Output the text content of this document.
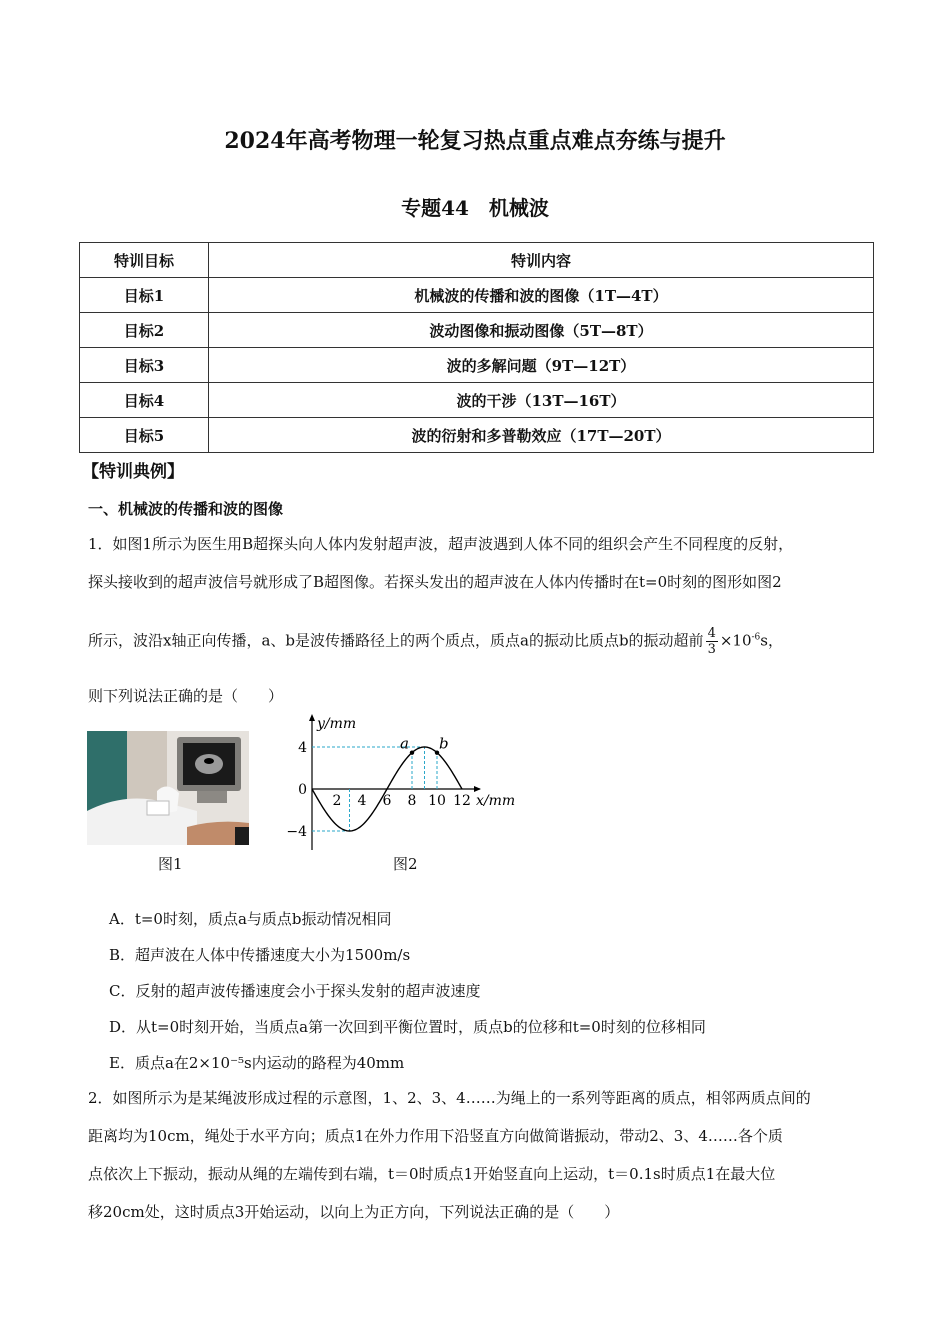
2024年高考物理一轮复习热点重点难点夯练与提升
专题44　机械波
特训目标	特训内容
目标1	机械波的传播和波的图像（1T—4T）
目标2	波动图像和振动图像（5T—8T）
目标3	波的多解问题（9T—12T）
目标4	波的干涉（13T—16T）
目标5	波的衍射和多普勒效应（17T—20T）
【特训典例】
一、机械波的传播和波的图像
1．如图1所示为医生用B超探头向人体内发射超声波，超声波遇到人体不同的组织会产生不同程度的反射，
探头接收到的超声波信号就形成了B超图像。若探头发出的超声波在人体内传播时在t=0时刻的图形如图2
所示，波沿x轴正向传播，a、b是波传播路径上的两个质点，质点a的振动比质点b的振动超前 $\frac{4}{3} \times 10^{-6}s$，
则下列说法正确的是（　　）
图1
a b
2 4 6 8 10 12
4
0
−4
x/mm
y/mm
图2
A．t=0时刻，质点a与质点b振动情况相同
B．超声波在人体中传播速度大小为1500m/s
C．反射的超声波传播速度会小于探头发射的超声波速度
D．从t=0时刻开始，当质点a第一次回到平衡位置时，质点b的位移和t=0时刻的位移相同
E．质点a在2×10⁻⁵s内运动的路程为40mm
2．如图所示为是某绳波形成过程的示意图，1、2、3、4……为绳上的一系列等距离的质点，相邻两质点间的
距离均为10cm，绳处于水平方向；质点1在外力作用下沿竖直方向做简谐振动，带动2、3、4……各个质
点依次上下振动，振动从绳的左端传到右端，t＝0时质点1开始竖直向上运动，t＝0.1s时质点1在最大位
移20cm处，这时质点3开始运动，以向上为正方向，下列说法正确的是（　　）
